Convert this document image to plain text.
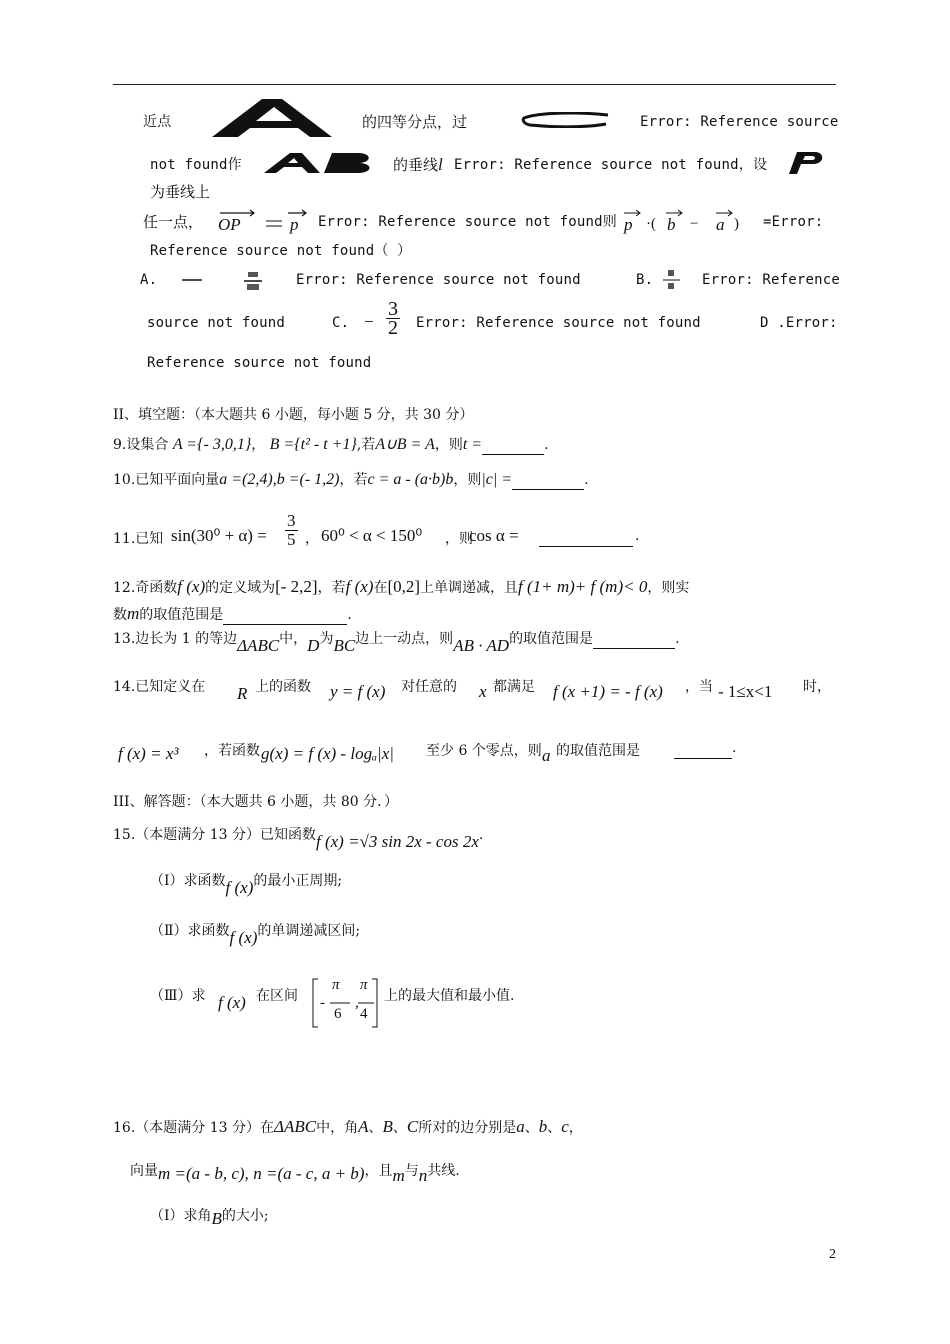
近点	的四等分点，过	Error: Reference source
not found作	的垂线l Error: Reference source not found，设
为垂线上
任一点， OP	p Error: Reference source not found则 p ·( b − a ) =Error:
Reference source not found（ ）
A.	Error: Reference source not found	B.	Error: Reference
source not found	C. − $\frac{3}{2}$ Error: Reference source not found	D .Error:
Reference source not found
II、填空题：（本大题共 6 小题，每小题 5 分，共 30 分）
9.设集合 A ={- 3,0,1}， B ={t² - t +1},若A∪B = A，则t =	.
10.已知平面向量a =(2,4),b =(- 1,2)，若c = a - (a·b)b，则|c| =	.
11.已知 $\sin(30^0 + \alpha) = \frac{3}{5}$ ， 60⁰ < α < 150⁰ ，则
cos α =	.
12.奇函数f (x)的定义域为[- 2,2]，若f (x)在[0,2]上单调递减，且f (1+ m)+ f (m)< 0，则实
数m的取值范围是	.
13.边长为 1 的等边ΔABC中，D为BC边上一动点，则AB · AD的取值范围是	.
14.已知定义在 R 上的函数 y = f (x) 对任意的 x 都满足 f (x +1) = - f (x) ，当 - 1≤x<1 时，
f (x) = x³ ，若函数 g(x) = f (x) - logₐ|x| 至少 6 个零点，则 a 的取值范围是	.
III、解答题：（本大题共 6 小题，共 80 分．）
15.（本题满分 13 分）已知函数f (x) =√3 sin 2x - cos 2x.
（Ⅰ）求函数f (x)的最小正周期;
（Ⅱ）求函数f (x)的单调递减区间;
（Ⅲ）求 f (x) 在区间 - ,
π
6
π
4
上的最大值和最小值.
16.（本题满分 13 分）在ΔABC中，角A、B、C所对的边分别是a、b、c，
向量m =(a - b, c), n =(a - c, a + b)，且m与n共线.
（Ⅰ）求角B的大小;
2
